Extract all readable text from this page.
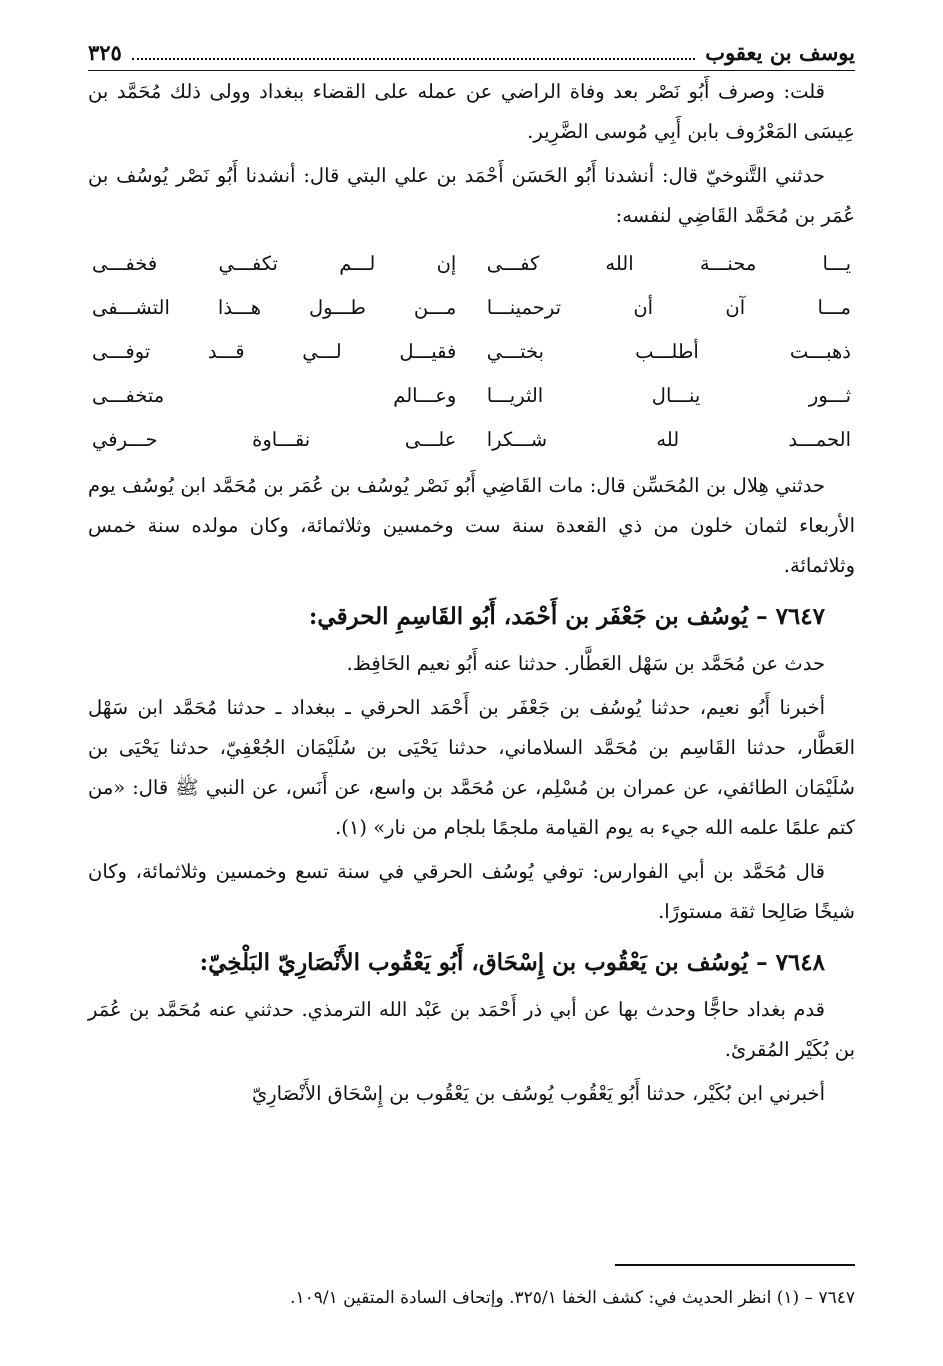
يوسف بن يعقوب
٣٢٥

قلت: وصرف أَبُو نَصْر بعد وفاة الراضي عن عمله على القضاء ببغداد وولى ذلك مُحَمَّد بن عِيسَى المَعْرُوف بابن أَبِي مُوسى الضَّرِير.

حدثني التَّنوخيّ قال: أنشدنا أَبُو الحَسَن أَحْمَد بن علي البتي قال: أنشدنا أَبُو نَصْر يُوسُف بن عُمَر بن مُحَمَّد القَاضِي لنفسه:

يـــا محنـــة الله كفـــى
إن لـــم تكفـــي فخفـــى
مـــا آن أن ترحمينـــا
مـــن طـــول هـــذا التشـــفى
ذهبـــت أطلـــب بختـــي
فقيـــل لـــي قـــد توفـــى
ثـــور ينـــال الثريـــا
وعـــالم متخفـــى
الحمـــد لله شـــكرا
علـــى نقـــاوة حـــرفي

حدثني هِلال بن المُحَسِّن قال: مات القَاضِي أَبُو نَصْر يُوسُف بن عُمَر بن مُحَمَّد ابن يُوسُف يوم الأربعاء لثمان خلون من ذي القعدة سنة ست وخمسين وثلاثمائة، وكان مولده سنة خمس وثلاثمائة.

٧٦٤٧ – يُوسُف بن جَعْفَر بن أَحْمَد، أَبُو القَاسِمِ الحرقي:

حدث عن مُحَمَّد بن سَهْل العَطَّار. حدثنا عنه أَبُو نعيم الحَافِظ.

أخبرنا أَبُو نعيم، حدثنا يُوسُف بن جَعْفَر بن أَحْمَد الحرقي ـ ببغداد ـ حدثنا مُحَمَّد ابن سَهْل العَطَّار، حدثنا القَاسِم بن مُحَمَّد السلاماني، حدثنا يَحْيَى بن سُلَيْمَان الجُعْفِيّ، حدثنا يَحْيَى بن سُلَيْمَان الطائفي، عن عمران بن مُسْلِم، عن مُحَمَّد بن واسع، عن أَنَس، عن النبي ﷺ قال: «من كتم علمًا علمه الله جيء به يوم القيامة ملجمًا بلجام من نار» (١).

قال مُحَمَّد بن أبي الفوارس: توفي يُوسُف الحرقي في سنة تسع وخمسين وثلاثمائة، وكان شيخًا صَالِحا ثقة مستورًا.

٧٦٤٨ – يُوسُف بن يَعْقُوب بن إِسْحَاق، أَبُو يَعْقُوب الأَنْصَارِيّ البَلْخِيّ:

قدم بغداد حاجًّا وحدث بها عن أبي ذر أَحْمَد بن عَبْد الله الترمذي. حدثني عنه مُحَمَّد بن عُمَر بن بُكَيْر المُقرئ.

أخبرني ابن بُكَيْر، حدثنا أَبُو يَعْقُوب يُوسُف بن يَعْقُوب بن إِسْحَاق الأَنْصَارِيّ

٧٦٤٧ – (١) انظر الحديث في: كشف الخفا ٣٢٥/١. وإتحاف السادة المتقين ١٠٩/١.
